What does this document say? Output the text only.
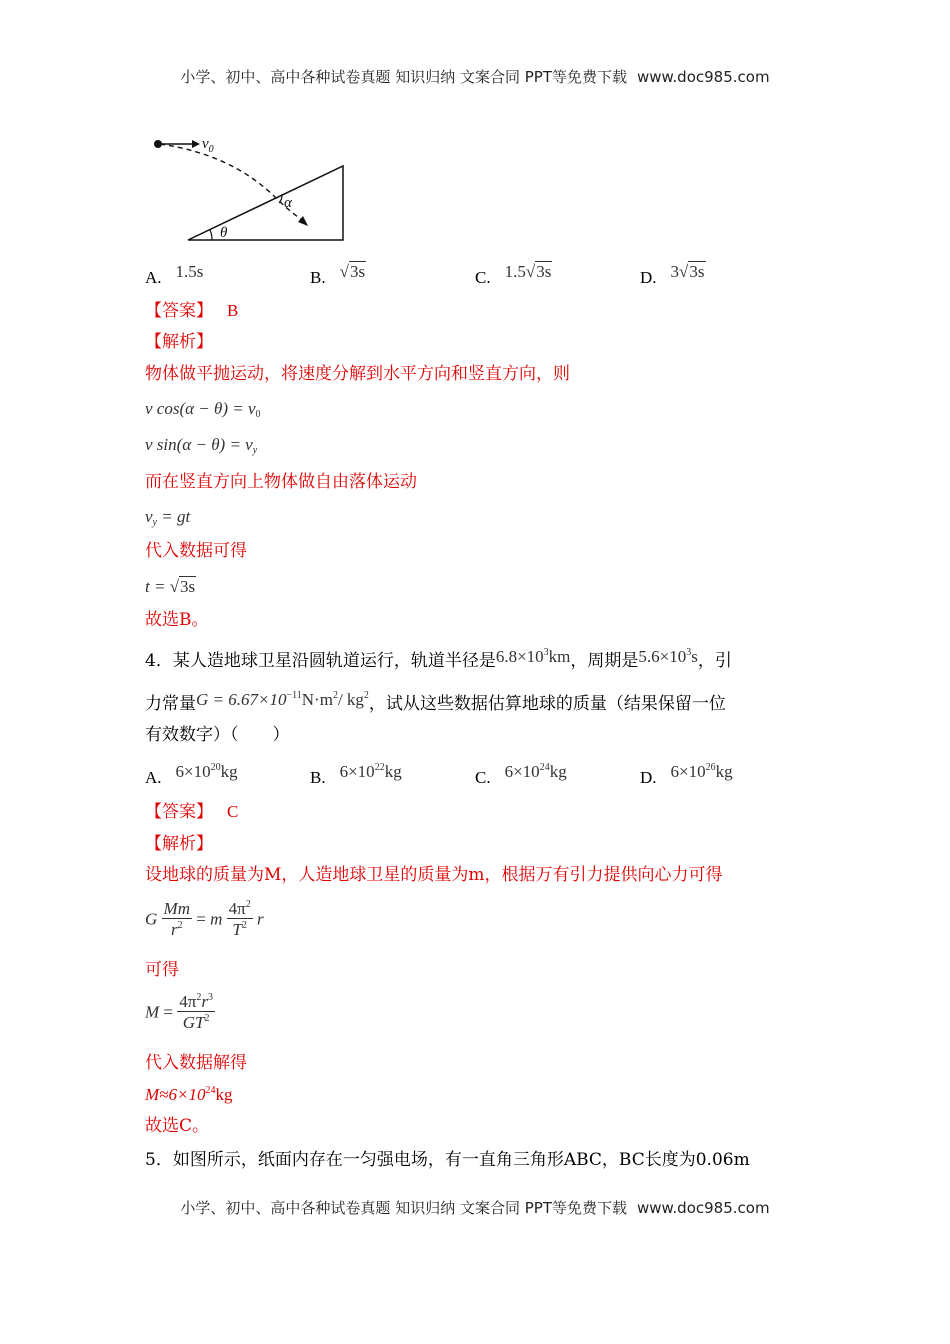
小学、初中、高中各种试卷真题 知识归纳 文案合同 PPT等免费下载 www.doc985.com
$v_0$
θ
α
A. 1.5s	B. √3s	C. 1.5√3s	D. 3√3s
【答案】 B
【解析】
物体做平抛运动，将速度分解到水平方向和竖直方向，则
v $\cos(\alpha - \theta) = v_0$
v $\sin(\alpha - \theta) = v_y$
而在竖直方向上物体做自由落体运动
$v_y$ = gt
代入数据可得
t = √3s
故选B。
4．某人造地球卫星沿圆轨道运行，轨道半径是$6.8\times 10^3km$，周期是$5.6\times 10^3s$，引
力常量$G = 6.67\times 10^{-11}N\cdot m^2/$ $kg^2$，试从这些数据估算地球的质量（结果保留一位
有效数字）（　　）
A. $6\times 10^{20}kg$	B. $6\times 10^{22}kg$	C. $6\times 10^{24}kg$	D. $6\times 10^{26}kg$
【答案】 C
【解析】
设地球的质量为M，人造地球卫星的质量为m，根据万有引力提供向心力可得
G $\frac{Mm}{r^2} = m \frac{4\pi^2}{T^2}$ r
可得
$M = \frac{4\pi^2r^3}{GT^2}$
代入数据解得
$M\approx 6\times 10^{24}kg$
故选C。
5．如图所示，纸面内存在一匀强电场，有一直角三角形ABC，BC长度为0.06m
小学、初中、高中各种试卷真题 知识归纳 文案合同 PPT等免费下载 www.doc985.com
